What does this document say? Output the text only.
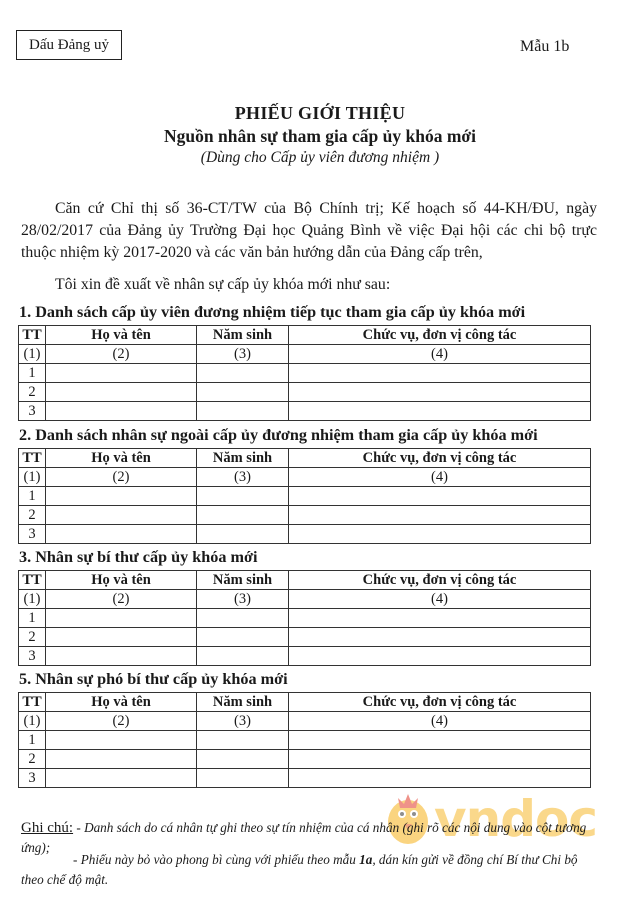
Dấu Đảng uỷ	Mẫu 1b
PHIẾU GIỚI THIỆU
Nguồn nhân sự tham gia cấp ủy khóa mới
(Dùng cho Cấp ủy viên đương nhiệm )
Căn cứ Chỉ thị số 36-CT/TW của Bộ Chính trị; Kế hoạch số 44-KH/ĐU, ngày 28/02/2017 của Đảng ủy Trường Đại học Quảng Bình về việc Đại hội các chi bộ trực thuộc nhiệm kỳ 2017-2020 và các văn bản hướng dẫn của Đảng cấp trên,
Tôi xin đề xuất về nhân sự cấp ủy khóa mới như sau:
1. Danh sách cấp ủy viên đương nhiệm tiếp tục tham gia cấp ủy khóa mới
TT	Họ và tên	Năm sinh	Chức vụ, đơn vị công tác
(1)	(2)	(3)	(4)
1			
2			
3			
2. Danh sách nhân sự ngoài cấp ủy đương nhiệm tham gia cấp ủy khóa mới
TT	Họ và tên	Năm sinh	Chức vụ, đơn vị công tác
(1)	(2)	(3)	(4)
1			
2			
3			
3. Nhân sự bí thư cấp ủy khóa mới
TT	Họ và tên	Năm sinh	Chức vụ, đơn vị công tác
(1)	(2)	(3)	(4)
1			
2			
3			
5. Nhân sự phó bí thư cấp ủy khóa mới
TT	Họ và tên	Năm sinh	Chức vụ, đơn vị công tác
(1)	(2)	(3)	(4)
1			
2			
3			
vndoc
Ghi chú: - Danh sách do cá nhân tự ghi theo sự tín nhiệm của cá nhân (ghi rõ các nội dung vào cột tương ứng);
- Phiếu này bỏ vào phong bì cùng với phiếu theo mẫu 1a, dán kín gửi về đồng chí Bí thư Chi bộ theo chế độ mật.
